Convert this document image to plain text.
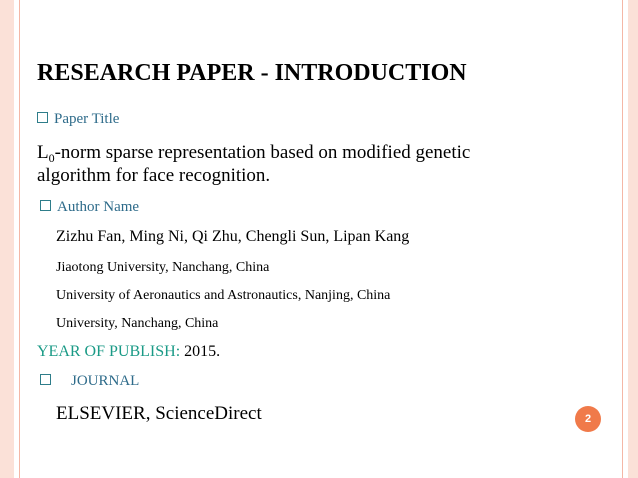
RESEARCH PAPER - INTRODUCTION
Paper Title
$L_0$-norm sparse representation based on modified genetic
algorithm for face recognition.
Author Name
Zizhu Fan, Ming Ni, Qi Zhu, Chengli Sun, Lipan Kang
Jiaotong University, Nanchang, China
University of Aeronautics and Astronautics, Nanjing, China
University, Nanchang, China
YEAR OF PUBLISH: 2015.
JOURNAL
ELSEVIER, ScienceDirect	2
